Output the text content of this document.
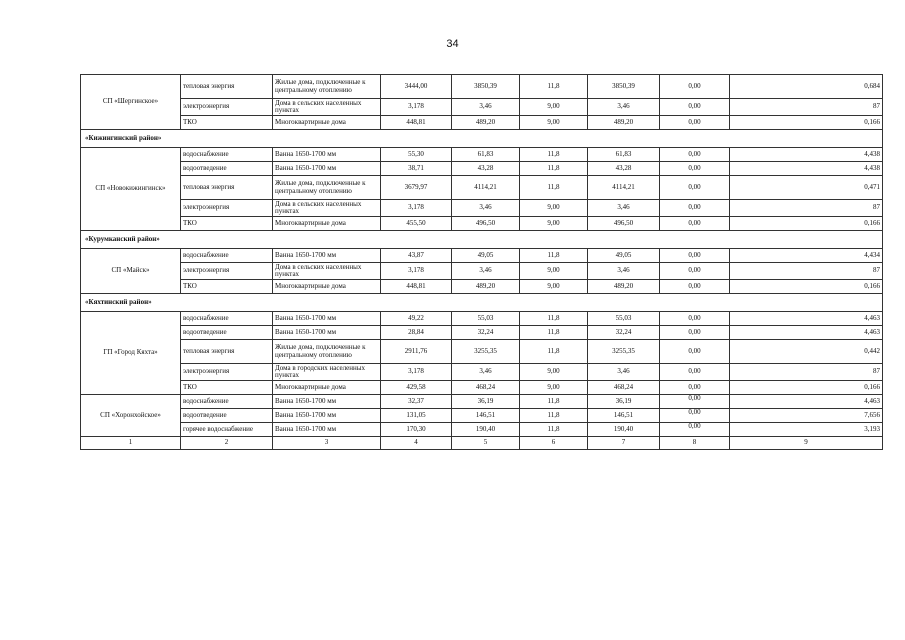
34
СП «Шергинское»	тепловая энергия	Жилые дома, подключенные к центральному отоплению	3444,00	3850,39	11,8	3850,39	0,00	0,684
	электроэнергия	Дома в сельских населенных пунктах	3,178	3,46	9,00	3,46	0,00	87
	ТКО	Многоквартирные дома	448,81	489,20	9,00	489,20	0,00	0,166
«Кижингинский район»								
СП «Новокижингинск»	водоснабжение	Ванна 1650-1700 мм	55,30	61,83	11,8	61,83	0,00	4,438
	водоотведение	Ванна 1650-1700 мм	38,71	43,28	11,8	43,28	0,00	4,438
	тепловая энергия	Жилые дома, подключенные к центральному отоплению	3679,97	4114,21	11,8	4114,21	0,00	0,471
	электроэнергия	Дома в сельских населенных пунктах	3,178	3,46	9,00	3,46	0,00	87
	ТКО	Многоквартирные дома	455,50	496,50	9,00	496,50	0,00	0,166
«Курумканский район»								
СП «Майск»	водоснабжение	Ванна 1650-1700 мм	43,87	49,05	11,8	49,05	0,00	4,434
	электроэнергия	Дома в сельских населенных пунктах	3,178	3,46	9,00	3,46	0,00	87
	ТКО	Многоквартирные дома	448,81	489,20	9,00	489,20	0,00	0,166
«Кяхтинский район»								
ГП «Город Кяхта»	водоснабжение	Ванна 1650-1700 мм	49,22	55,03	11,8	55,03	0,00	4,463
	водоотведение	Ванна 1650-1700 мм	28,84	32,24	11,8	32,24	0,00	4,463
	тепловая энергия	Жилые дома, подключенные к центральному отоплению	2911,76	3255,35	11,8	3255,35	0,00	0,442
	электроэнергия	Дома в городских населенных пунктах	3,178	3,46	9,00	3,46	0,00	87
	ТКО	Многоквартирные дома	429,58	468,24	9,00	468,24	0,00	0,166
СП «Хоронхойское»	водоснабжение	Ванна 1650-1700 мм	32,37	36,19	11,8	36,19	0,00	4,463
	водоотведение	Ванна 1650-1700 мм	131,05	146,51	11,8	146,51	0,00	7,656
	горячее водоснабжение	Ванна 1650-1700 мм	170,30	190,40	11,8	190,40	0,00	3,193
1	2	3	4	5	6	7	8	9
